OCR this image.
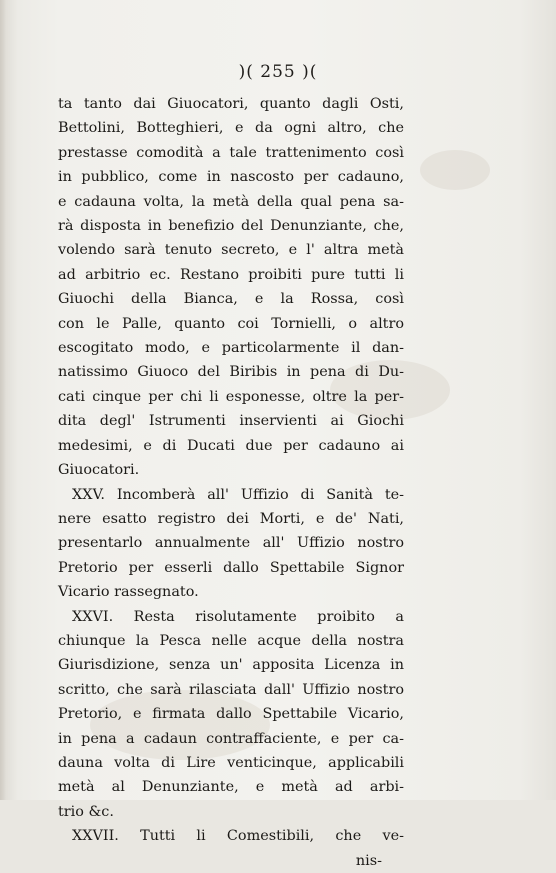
)( 255 )(
ta tanto dai Giuocatori, quanto dagli Osti,
Bettolini, Botteghieri, e da ogni altro, che
prestasse comodità a tale trattenimento così
in pubblico, come in nascosto per cadauno,
e cadauna volta, la metà della qual pena sa-
rà disposta in benefizio del Denunziante, che,
volendo sarà tenuto secreto, e l' altra metà
ad arbitrio ec. Restano proibiti pure tutti li
Giuochi della Bianca, e la Rossa, così
con le Palle, quanto coi Tornielli, o altro
escogitato modo, e particolarmente il dan-
natissimo Giuoco del Biribis in pena di Du-
cati cinque per chi li esponesse, oltre la per-
dita degl' Istrumenti inservienti ai Giochi
medesimi, e di Ducati due per cadauno ai
Giuocatori.
XXV. Incomberà all' Uffizio di Sanità te-
nere esatto registro dei Morti, e de' Nati,
presentarlo annualmente all' Uffizio nostro
Pretorio per esserli dallo Spettabile Signor
Vicario rassegnato.
XXVI. Resta risolutamente proibito a
chiunque la Pesca nelle acque della nostra
Giurisdizione, senza un' apposita Licenza in
scritto, che sarà rilasciata dall' Uffizio nostro
Pretorio, e firmata dallo Spettabile Vicario,
in pena a cadaun contraffaciente, e per ca-
dauna volta di Lire venticinque, applicabili
metà al Denunziante, e metà ad arbi-
trio &c.
XXVII. Tutti li Comestibili, che ve-
nis-
